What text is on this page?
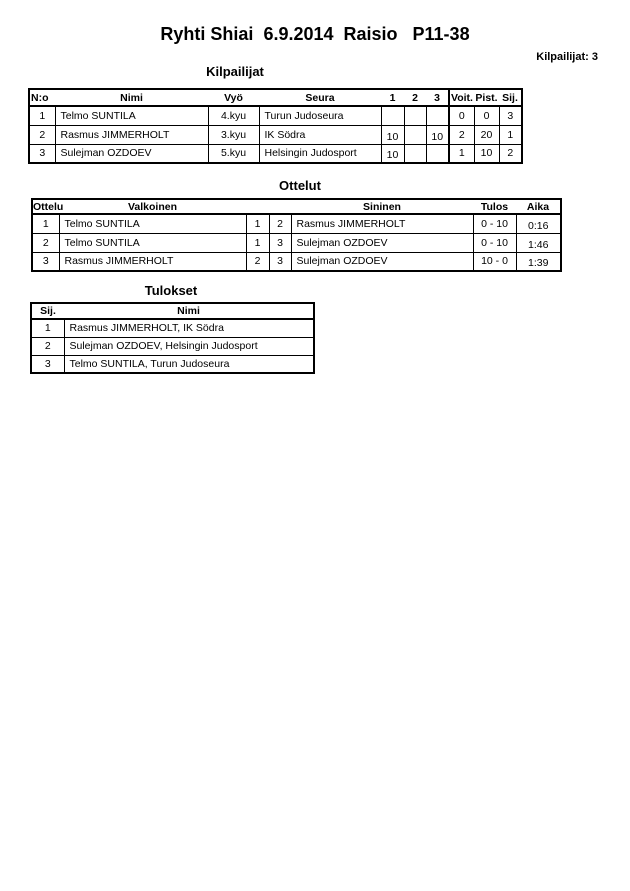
Ryhti Shiai  6.9.2014  Raisio   P11-38
Kilpailijat: 3
Kilpailijat
N:o	Nimi	Vyö	Seura	1	2	3	Voit.	Pist.	Sij.
1	Telmo SUNTILA	4.kyu	Turun Judoseura				0	0	3
2	Rasmus JIMMERHOLT	3.kyu	IK Södra	10		10	2	20	1
3	Sulejman OZDOEV	5.kyu	Helsingin Judosport	10			1	10	2
Ottelut
Ottelu	Valkoinen			Sininen	Tulos	Aika
1	Telmo SUNTILA	1	2	Rasmus JIMMERHOLT	0 - 10	0:16
2	Telmo SUNTILA	1	3	Sulejman OZDOEV	0 - 10	1:46
3	Rasmus JIMMERHOLT	2	3	Sulejman OZDOEV	10 - 0	1:39
Tulokset
Sij.	Nimi
1	Rasmus JIMMERHOLT, IK Södra
2	Sulejman OZDOEV, Helsingin Judosport
3	Telmo SUNTILA, Turun Judoseura
